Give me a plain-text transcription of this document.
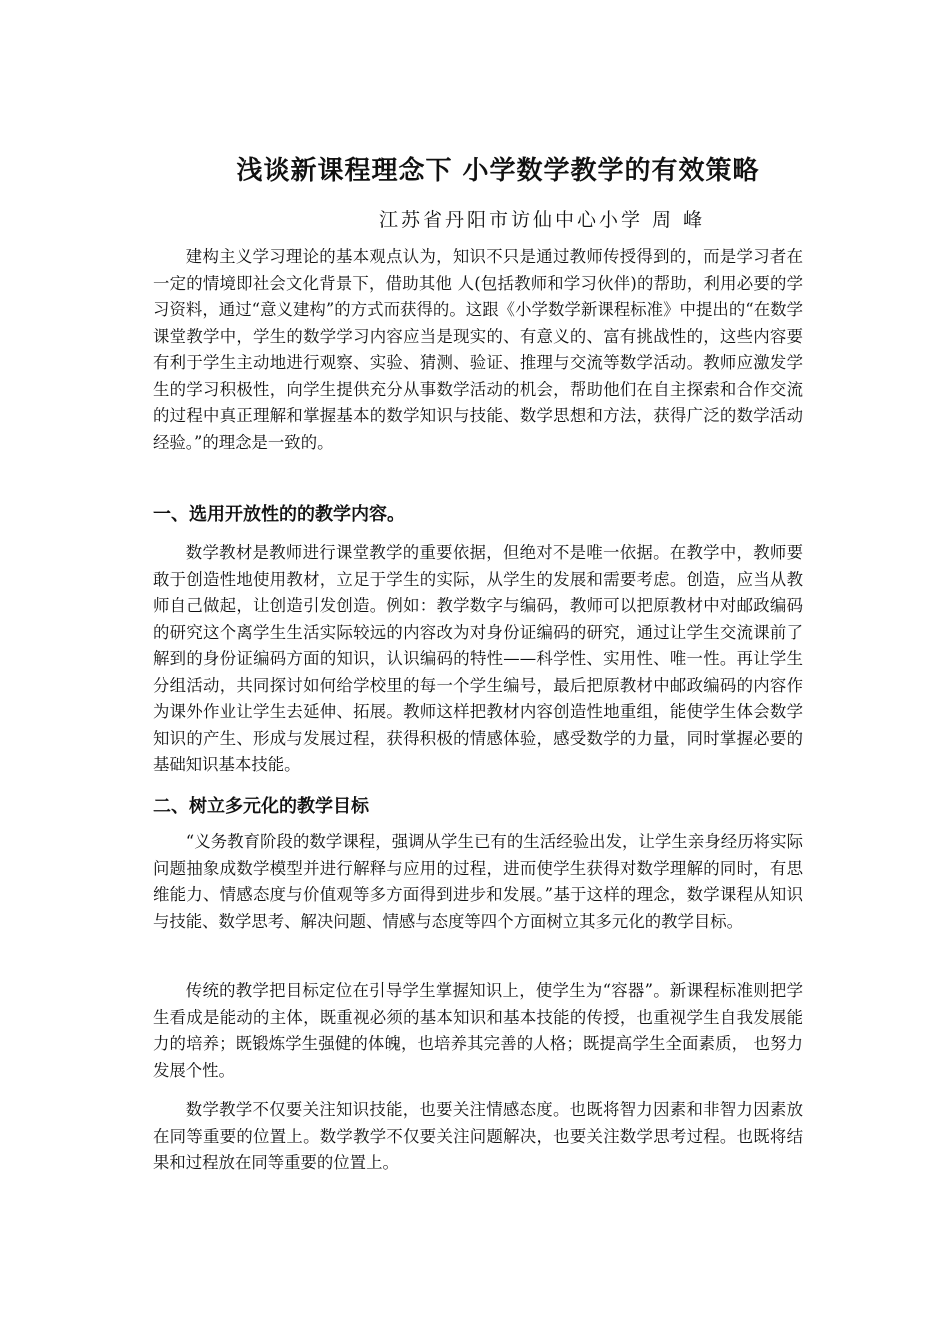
浅谈新课程理念下 小学数学教学的有效策略

江苏省丹阳市访仙中心小学 周 峰

建构主义学习理论的基本观点认为，知识不只是通过教师传授得到的，而是学习者在一定的情境即社会文化背景下，借助其他 人(包括教师和学习伙伴)的帮助，利用必要的学习资料，通过“意义建构”的方式而获得的。这跟《小学数学新课程标准》中提出的“在数学课堂教学中，学生的数学学习内容应当是现实的、有意义的、富有挑战性的，这些内容要有利于学生主动地进行观察、实验、猜测、验证、推理与交流等数学活动。教师应激发学生的学习积极性，向学生提供充分从事数学活动的机会，帮助他们在自主探索和合作交流的过程中真正理解和掌握基本的数学知识与技能、数学思想和方法，获得广泛的数学活动经验。”的理念是一致的。

一、选用开放性的的教学内容。

数学教材是教师进行课堂教学的重要依据，但绝对不是唯一依据。在教学中，教师要敢于创造性地使用教材，立足于学生的实际，从学生的发展和需要考虑。创造，应当从教师自己做起，让创造引发创造。例如：教学数字与编码，教师可以把原教材中对邮政编码的研究这个离学生生活实际较远的内容改为对身份证编码的研究，通过让学生交流课前了解到的身份证编码方面的知识，认识编码的特性——科学性、实用性、唯一性。再让学生分组活动，共同探讨如何给学校里的每一个学生编号，最后把原教材中邮政编码的内容作为课外作业让学生去延伸、拓展。教师这样把教材内容创造性地重组，能使学生体会数学知识的产生、形成与发展过程，获得积极的情感体验，感受数学的力量，同时掌握必要的基础知识基本技能。

二、树立多元化的教学目标

“义务教育阶段的数学课程，强调从学生已有的生活经验出发，让学生亲身经历将实际问题抽象成数学模型并进行解释与应用的过程，进而使学生获得对数学理解的同时，有思维能力、情感态度与价值观等多方面得到进步和发展。”基于这样的理念，数学课程从知识与技能、数学思考、解决问题、情感与态度等四个方面树立其多元化的教学目标。

传统的教学把目标定位在引导学生掌握知识上，使学生为“容器”。新课程标准则把学生看成是能动的主体，既重视必须的基本知识和基本技能的传授，也重视学生自我发展能力的培养；既锻炼学生强健的体魄，也培养其完善的人格；既提高学生全面素质， 也努力发展个性。

数学教学不仅要关注知识技能，也要关注情感态度。也既将智力因素和非智力因素放在同等重要的位置上。数学教学不仅要关注问题解决，也要关注数学思考过程。也既将结果和过程放在同等重要的位置上。
